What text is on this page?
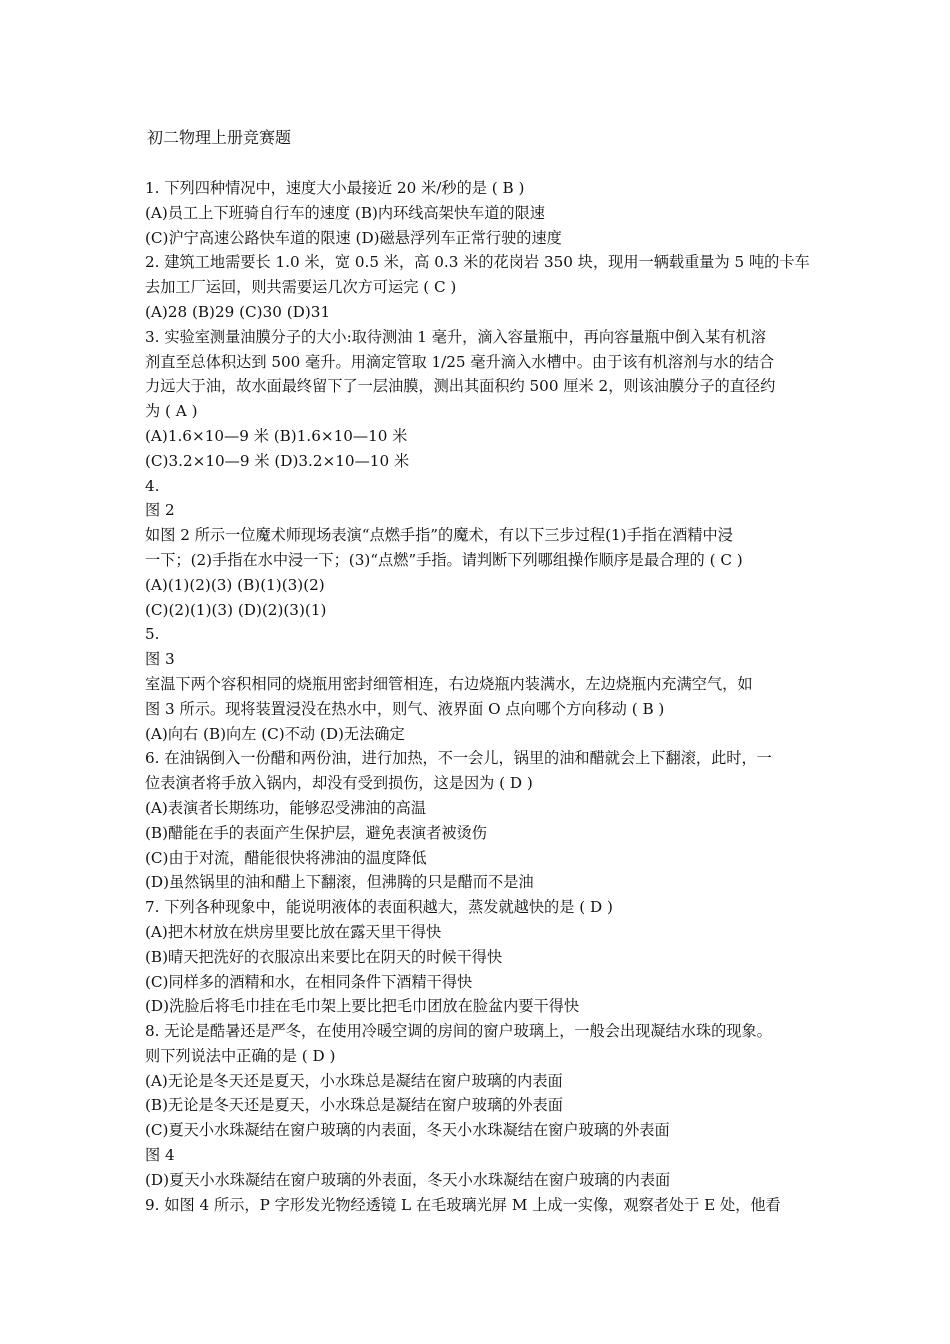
初二物理上册竞赛题
1. 下列四种情况中，速度大小最接近 20 米/秒的是 ( B )
(A)员工上下班骑自行车的速度 (B)内环线高架快车道的限速
(C)沪宁高速公路快车道的限速 (D)磁悬浮列车正常行驶的速度
2. 建筑工地需要长 1.0 米，宽 0.5 米，高 0.3 米的花岗岩 350 块，现用一辆载重量为 5 吨的卡车
去加工厂运回，则共需要运几次方可运完 ( C )
(A)28 (B)29 (C)30 (D)31
3. 实验室测量油膜分子的大小:取待测油 1 毫升，滴入容量瓶中，再向容量瓶中倒入某有机溶
剂直至总体积达到 500 毫升。用滴定管取 1/25 毫升滴入水槽中。由于该有机溶剂与水的结合
力远大于油，故水面最终留下了一层油膜，测出其面积约 500 厘米 2，则该油膜分子的直径约
为 ( A )
(A)1.6×10—9 米 (B)1.6×10—10 米
(C)3.2×10—9 米 (D)3.2×10—10 米
4.
图 2
如图 2 所示一位魔术师现场表演“点燃手指”的魔术，有以下三步过程(1)手指在酒精中浸
一下；(2)手指在水中浸一下；(3)“点燃”手指。请判断下列哪组操作顺序是最合理的 ( C )
(A)(1)(2)(3) (B)(1)(3)(2)
(C)(2)(1)(3) (D)(2)(3)(1)
5.
图 3
室温下两个容积相同的烧瓶用密封细管相连，右边烧瓶内装满水，左边烧瓶内充满空气，如
图 3 所示。现将装置浸没在热水中，则气、液界面 O 点向哪个方向移动 ( B )
(A)向右 (B)向左 (C)不动 (D)无法确定
6. 在油锅倒入一份醋和两份油，进行加热，不一会儿，锅里的油和醋就会上下翻滚，此时，一
位表演者将手放入锅内，却没有受到损伤，这是因为 ( D )
(A)表演者长期练功，能够忍受沸油的高温
(B)醋能在手的表面产生保护层，避免表演者被烫伤
(C)由于对流，醋能很快将沸油的温度降低
(D)虽然锅里的油和醋上下翻滚，但沸腾的只是醋而不是油
7. 下列各种现象中，能说明液体的表面积越大，蒸发就越快的是 ( D )
(A)把木材放在烘房里要比放在露天里干得快
(B)晴天把洗好的衣服凉出来要比在阴天的时候干得快
(C)同样多的酒精和水，在相同条件下酒精干得快
(D)洗脸后将毛巾挂在毛巾架上要比把毛巾团放在脸盆内要干得快
8. 无论是酷暑还是严冬，在使用冷暖空调的房间的窗户玻璃上，一般会出现凝结水珠的现象。
则下列说法中正确的是 ( D )
(A)无论是冬天还是夏天，小水珠总是凝结在窗户玻璃的内表面
(B)无论是冬天还是夏天，小水珠总是凝结在窗户玻璃的外表面
(C)夏天小水珠凝结在窗户玻璃的内表面，冬天小水珠凝结在窗户玻璃的外表面
图 4
(D)夏天小水珠凝结在窗户玻璃的外表面，冬天小水珠凝结在窗户玻璃的内表面
9. 如图 4 所示，P 字形发光物经透镜 L 在毛玻璃光屏 M 上成一实像，观察者处于 E 处，他看
